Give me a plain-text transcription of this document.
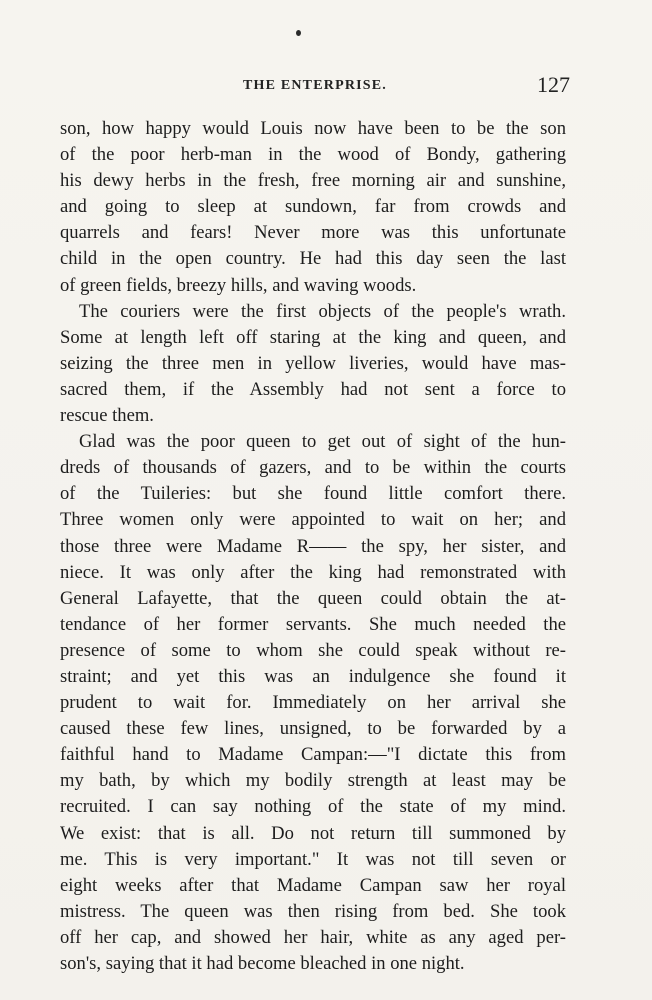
THE ENTERPRISE.	127
son, how happy would Louis now have been to be the son
of the poor herb-man in the wood of Bondy, gathering
his dewy herbs in the fresh, free morning air and sunshine,
and going to sleep at sundown, far from crowds and
quarrels and fears! Never more was this unfortunate
child in the open country. He had this day seen the last
of green fields, breezy hills, and waving woods.
The couriers were the first objects of the people's wrath.
Some at length left off staring at the king and queen, and
seizing the three men in yellow liveries, would have mas-
sacred them, if the Assembly had not sent a force to
rescue them.
Glad was the poor queen to get out of sight of the hun-
dreds of thousands of gazers, and to be within the courts
of the Tuileries: but she found little comfort there.
Three women only were appointed to wait on her; and
those three were Madame R—— the spy, her sister, and
niece. It was only after the king had remonstrated with
General Lafayette, that the queen could obtain the at-
tendance of her former servants. She much needed the
presence of some to whom she could speak without re-
straint; and yet this was an indulgence she found it
prudent to wait for. Immediately on her arrival she
caused these few lines, unsigned, to be forwarded by a
faithful hand to Madame Campan:—"I dictate this from
my bath, by which my bodily strength at least may be
recruited. I can say nothing of the state of my mind.
We exist: that is all. Do not return till summoned by
me. This is very important." It was not till seven or
eight weeks after that Madame Campan saw her royal
mistress. The queen was then rising from bed. She took
off her cap, and showed her hair, white as any aged per-
son's, saying that it had become bleached in one night.
